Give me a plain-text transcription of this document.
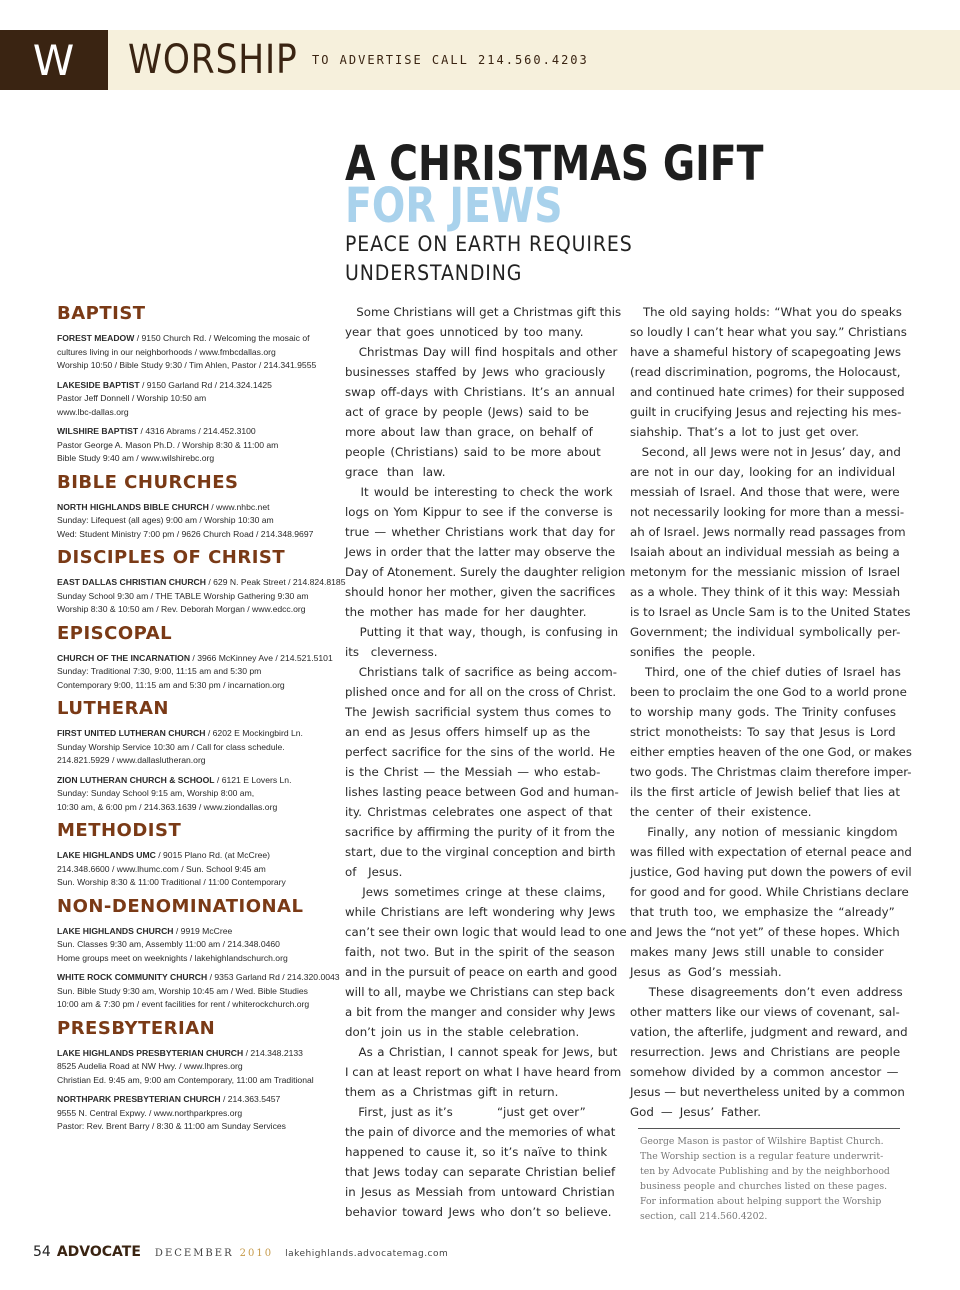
W WORSHIP TO ADVERTISE CALL 214.560.4203
A CHRISTMAS GIFT
FOR JEWS
PEACE ON EARTH REQUIRES UNDERSTANDING
BAPTIST
FOREST MEADOW / 9150 Church Rd. / Welcoming the mosaic of
cultures living in our neighborhoods / www.fmbcdallas.org
Worship 10:50 / Bible Study 9:30 / Tim Ahlen, Pastor / 214.341.9555
LAKESIDE BAPTIST / 9150 Garland Rd / 214.324.1425
Pastor Jeff Donnell / Worship 10:50 am
www.lbc-dallas.org
WILSHIRE BAPTIST / 4316 Abrams / 214.452.3100
Pastor George A. Mason Ph.D. / Worship 8:30 & 11:00 am
Bible Study 9:40 am / www.wilshirebc.org
BIBLE CHURCHES
NORTH HIGHLANDS BIBLE CHURCH / www.nhbc.net
Sunday: Lifequest (all ages) 9:00 am / Worship 10:30 am
Wed: Student Ministry 7:00 pm / 9626 Church Road / 214.348.9697
DISCIPLES OF CHRIST
EAST DALLAS CHRISTIAN CHURCH / 629 N. Peak Street / 214.824.8185
Sunday School 9:30 am / THE TABLE Worship Gathering 9:30 am
Worship 8:30 & 10:50 am / Rev. Deborah Morgan / www.edcc.org
EPISCOPAL
CHURCH OF THE INCARNATION / 3966 McKinney Ave / 214.521.5101
Sunday: Traditional 7:30, 9:00, 11:15 am and 5:30 pm
Contemporary 9:00, 11:15 am and 5:30 pm / incarnation.org
LUTHERAN
FIRST UNITED LUTHERAN CHURCH / 6202 E Mockingbird Ln.
Sunday Worship Service 10:30 am / Call for class schedule.
214.821.5929 / www.dallaslutheran.org
ZION LUTHERAN CHURCH & SCHOOL / 6121 E Lovers Ln.
Sunday: Sunday School 9:15 am, Worship 8:00 am,
10:30 am, & 6:00 pm / 214.363.1639 / www.ziondallas.org
METHODIST
LAKE HIGHLANDS UMC / 9015 Plano Rd. (at McCree)
214.348.6600 / www.lhumc.com / Sun. School 9:45 am
Sun. Worship 8:30 & 11:00 Traditional / 11:00 Contemporary
NON-DENOMINATIONAL
LAKE HIGHLANDS CHURCH / 9919 McCree
Sun. Classes 9:30 am, Assembly 11:00 am / 214.348.0460
Home groups meet on weeknights / lakehighlandschurch.org
WHITE ROCK COMMUNITY CHURCH / 9353 Garland Rd / 214.320.0043
Sun. Bible Study 9:30 am, Worship 10:45 am / Wed. Bible Studies
10:00 am & 7:30 pm / event facilities for rent / whiterockchurch.org
PRESBYTERIAN
LAKE HIGHLANDS PRESBYTERIAN CHURCH / 214.348.2133
8525 Audelia Road at NW Hwy. / www.lhpres.org
Christian Ed. 9:45 am, 9:00 am Contemporary, 11:00 am Traditional
NORTHPARK PRESBYTERIAN CHURCH / 214.363.5457
9555 N. Central Expwy. / www.northparkpres.org
Pastor: Rev. Brent Barry / 8:30 & 11:00 am Sunday Services
Some Christians will get a Christmas gift this
year that goes unnoticed by too many.
Christmas Day will find hospitals and other
businesses staffed by Jews who graciously
swap off-days with Christians. It’s an annual
act of grace by people (Jews) said to be
more about law than grace, on behalf of
people (Christians) said to be more about
grace than law.
It would be interesting to check the work
logs on Yom Kippur to see if the converse is
true — whether Christians work that day for
Jews in order that the latter may observe the
Day of Atonement. Surely the daughter religion
should honor her mother, given the sacrifices
the mother has made for her daughter.
Putting it that way, though, is confusing in
its cleverness.
Christians talk of sacrifice as being accom-
plished once and for all on the cross of Christ.
The Jewish sacrificial system thus comes to
an end as Jesus offers himself up as the
perfect sacrifice for the sins of the world. He
is the Christ — the Messiah — who estab-
lishes lasting peace between God and human-
ity. Christmas celebrates one aspect of that
sacrifice by affirming the purity of it from the
start, due to the virginal conception and birth
of Jesus.
Jews sometimes cringe at these claims,
while Christians are left wondering why Jews
can’t see their own logic that would lead to one
faith, not two. But in the spirit of the season
and in the pursuit of peace on earth and good
will to all, maybe we Christians can step back
a bit from the manger and consider why Jews
don’t join us in the stable celebration.
As a Christian, I cannot speak for Jews, but
I can at least report on what I have heard from
them as a Christmas gift in return.
First, just as it’s          “just get over”
the pain of divorce and the memories of what
happened to cause it, so it’s naïve to think
that Jews today can separate Christian belief
in Jesus as Messiah from untoward Christian
behavior toward Jews who don’t so believe.
The old saying holds: “What you do speaks
so loudly I can’t hear what you say.” Christians
have a shameful history of scapegoating Jews
(read discrimination, pogroms, the Holocaust,
and continued hate crimes) for their supposed
guilt in crucifying Jesus and rejecting his mes-
siahship. That’s a lot to just get over.
Second, all Jews were not in Jesus’ day, and
are not in our day, looking for an individual
messiah of Israel. And those that were, were
not necessarily looking for more than a messi-
ah of Israel. Jews normally read passages from
Isaiah about an individual messiah as being a
metonym for the messianic mission of Israel
as a whole. They think of it this way: Messiah
is to Israel as Uncle Sam is to the United States
Government; the individual symbolically per-
sonifies the people.
Third, one of the chief duties of Israel has
been to proclaim the one God to a world prone
to worship many gods. The Trinity confuses
strict monotheists: To say that Jesus is Lord
either empties heaven of the one God, or makes
two gods. The Christmas claim therefore imper-
ils the first article of Jewish belief that lies at
the center of their existence.
Finally, any notion of messianic kingdom
was filled with expectation of eternal peace and
justice, God having put down the powers of evil
for good and for good. While Christians declare
that truth too, we emphasize the “already”
and Jews the “not yet” of these hopes. Which
makes many Jews still unable to consider
Jesus as God’s messiah.
These disagreements don’t even address
other matters like our views of covenant, sal-
vation, the afterlife, judgment and reward, and
resurrection. Jews and Christians are people
somehow divided by a common ancestor —
Jesus — but nevertheless united by a common
God — Jesus’ Father.
George Mason is pastor of Wilshire Baptist Church.
The Worship section is a regular feature underwrit-
ten by Advocate Publishing and by the neighborhood
business people and churches listed on these pages.
For information about helping support the Worship
section, call 214.560.4202.
54 ADVOCATE DECEMBER 2010 lakehighlands.advocatemag.com
